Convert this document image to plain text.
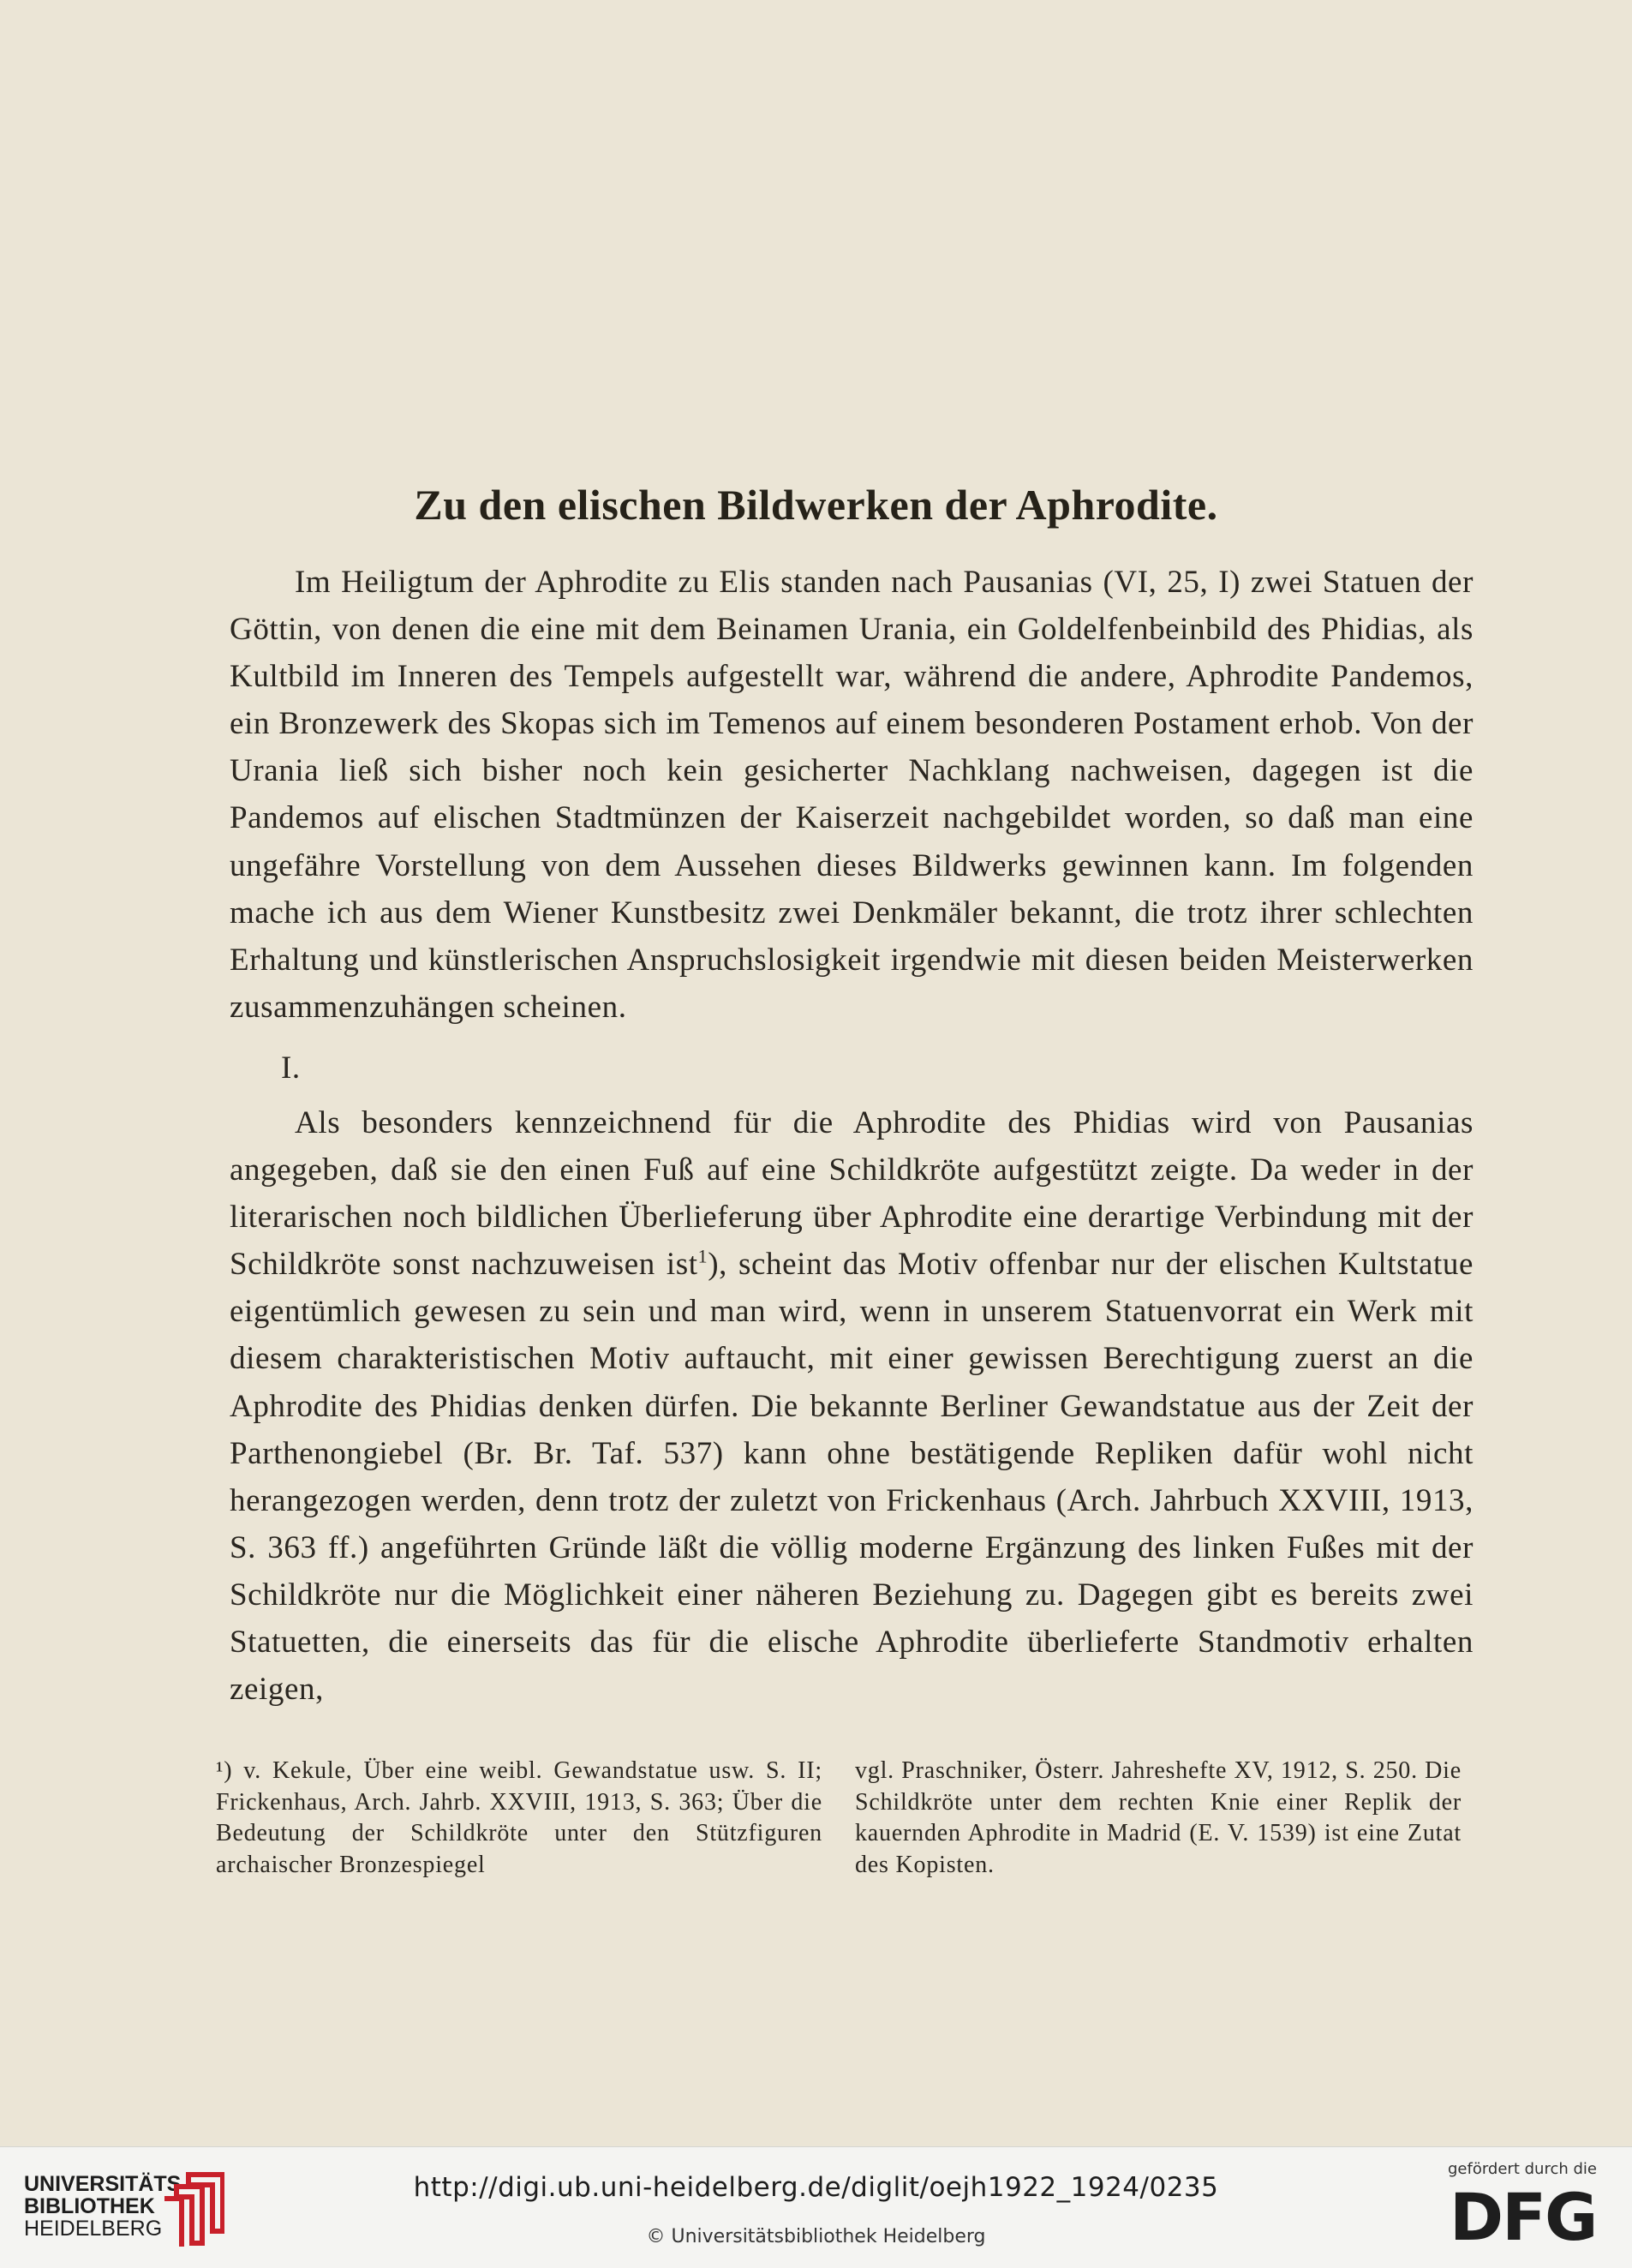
Zu den elischen Bildwerken der Aphrodite.

Im Heiligtum der Aphrodite zu Elis standen nach Pausanias (VI, 25, I) zwei Statuen der Göttin, von denen die eine mit dem Beinamen Urania, ein Goldelfenbeinbild des Phidias, als Kultbild im Inneren des Tempels aufgestellt war, während die andere, Aphrodite Pandemos, ein Bronzewerk des Skopas sich im Temenos auf einem besonderen Postament erhob. Von der Urania ließ sich bisher noch kein gesicherter Nachklang nachweisen, dagegen ist die Pandemos auf elischen Stadtmünzen der Kaiserzeit nachgebildet worden, so daß man eine ungefähre Vorstellung von dem Aussehen dieses Bildwerks gewinnen kann. Im folgenden mache ich aus dem Wiener Kunstbesitz zwei Denkmäler bekannt, die trotz ihrer schlechten Erhaltung und künstlerischen Anspruchslosigkeit irgendwie mit diesen beiden Meisterwerken zusammenzuhängen scheinen.

I.

Als besonders kennzeichnend für die Aphrodite des Phidias wird von Pausanias angegeben, daß sie den einen Fuß auf eine Schildkröte aufgestützt zeigte. Da weder in der literarischen noch bildlichen Überlieferung über Aphrodite eine derartige Verbindung mit der Schildkröte sonst nachzuweisen ist$^1$), scheint das Motiv offenbar nur der elischen Kultstatue eigentümlich gewesen zu sein und man wird, wenn in unserem Statuenvorrat ein Werk mit diesem charakteristischen Motiv auftaucht, mit einer gewissen Berechtigung zuerst an die Aphrodite des Phidias denken dürfen. Die bekannte Berliner Gewandstatue aus der Zeit der Parthenongiebel (Br. Br. Taf. 537) kann ohne bestätigende Repliken dafür wohl nicht herangezogen werden, denn trotz der zuletzt von Frickenhaus (Arch. Jahrbuch XXVIII, 1913, S. 363 ff.) angeführten Gründe läßt die völlig moderne Ergänzung des linken Fußes mit der Schildkröte nur die Möglichkeit einer näheren Beziehung zu. Dagegen gibt es bereits zwei Statuetten, die einerseits das für die elische Aphrodite überlieferte Standmotiv erhalten zeigen,

¹) v. Kekule, Über eine weibl. Gewandstatue usw. S. II; Frickenhaus, Arch. Jahrb. XXVIII, 1913, S. 363; Über die Bedeutung der Schildkröte unter den Stützfiguren archaischer Bronzespiegel

vgl. Praschniker, Österr. Jahreshefte XV, 1912, S. 250. Die Schildkröte unter dem rechten Knie einer Replik der kauernden Aphrodite in Madrid (E. V. 1539) ist eine Zutat des Kopisten.

UNIVERSITÄTS-
BIBLIOTHEK
HEIDELBERG
http://digi.ub.uni-heidelberg.de/diglit/oejh1922_1924/0235
© Universitätsbibliothek Heidelberg
gefördert durch die
DFG
